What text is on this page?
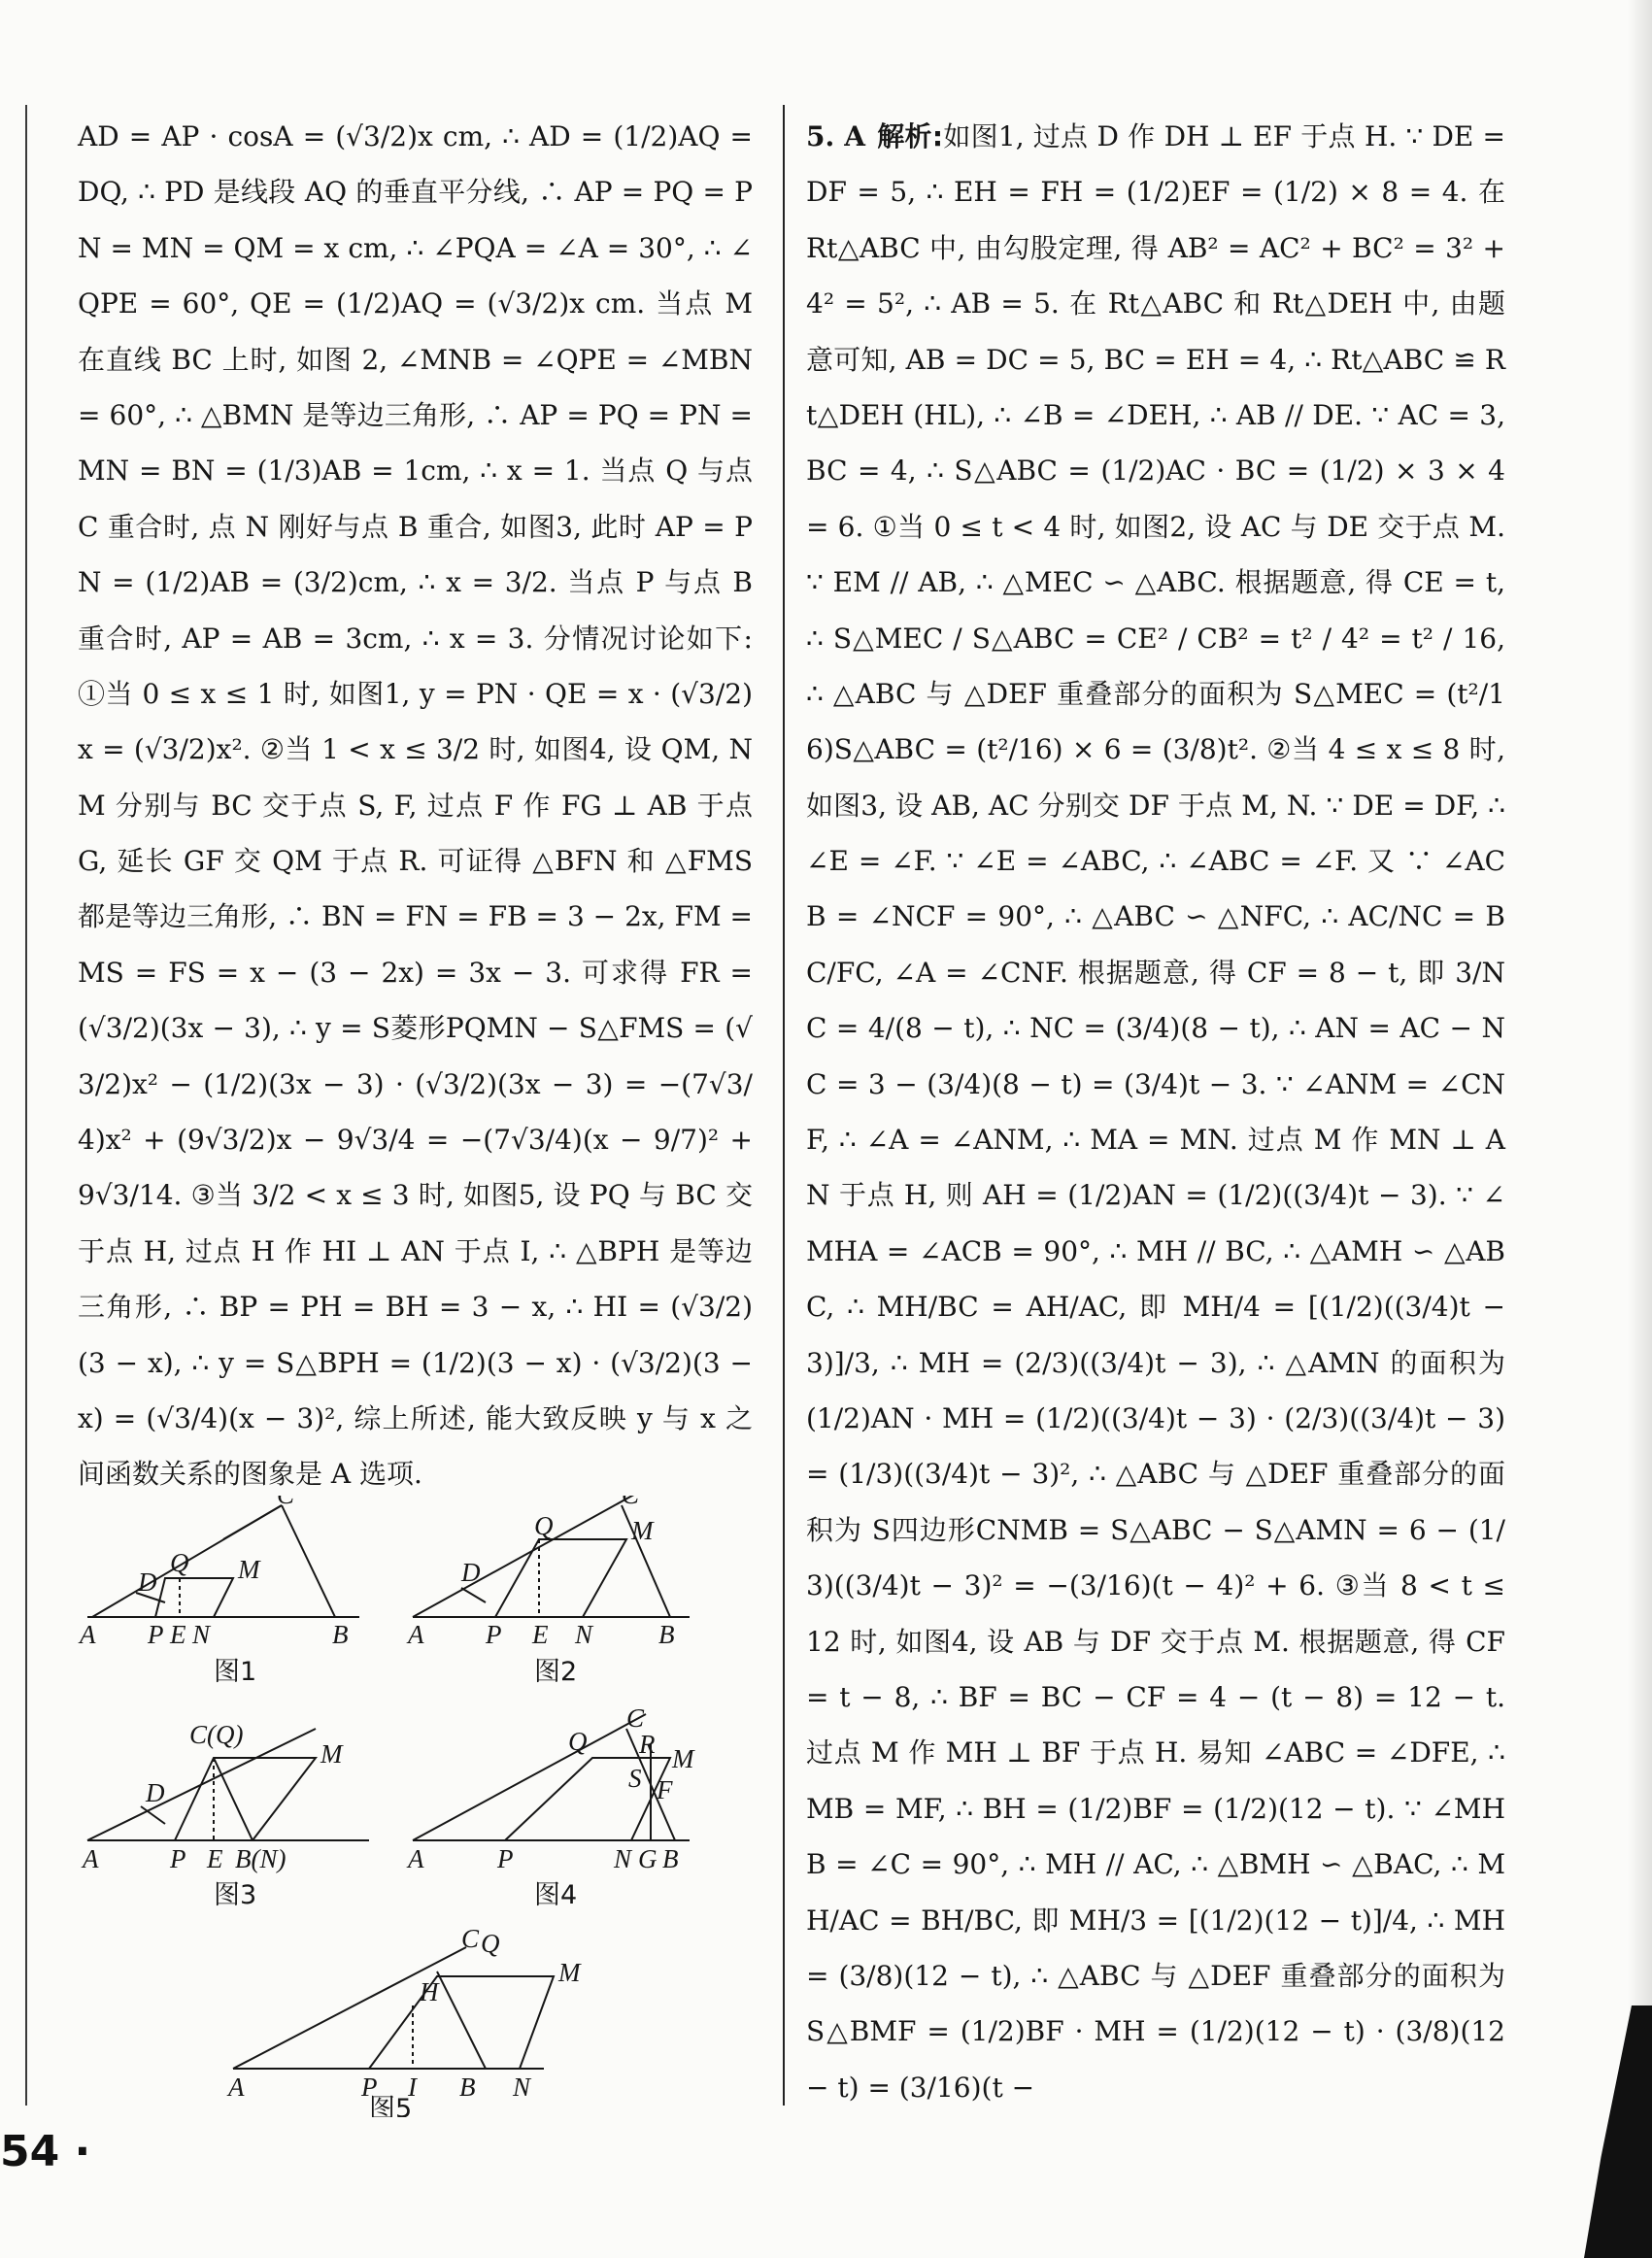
AD = AP · cosA = (√3/2)x cm, ∴ AD = (1/2)AQ = DQ, ∴ PD 是线段 AQ 的垂直平分线, ∴ AP = PQ = PN = MN = QM = x cm, ∴ ∠PQA = ∠A = 30°, ∴ ∠QPE = 60°, QE = (1/2)AQ = (√3/2)x cm. 当点 M 在直线 BC 上时, 如图 2, ∠MNB = ∠QPE = ∠MBN = 60°, ∴ △BMN 是等边三角形, ∴ AP = PQ = PN = MN = BN = (1/3)AB = 1cm, ∴ x = 1. 当点 Q 与点 C 重合时, 点 N 刚好与点 B 重合, 如图3, 此时 AP = PN = (1/2)AB = (3/2)cm, ∴ x = 3/2. 当点 P 与点 B 重合时, AP = AB = 3cm, ∴ x = 3. 分情况讨论如下: ①当 0 ≤ x ≤ 1 时, 如图1, y = PN · QE = x · (√3/2)x = (√3/2)x². ②当 1 < x ≤ 3/2 时, 如图4, 设 QM, NM 分别与 BC 交于点 S, F, 过点 F 作 FG ⊥ AB 于点 G, 延长 GF 交 QM 于点 R. 可证得 △BFN 和 △FMS 都是等边三角形, ∴ BN = FN = FB = 3 − 2x, FM = MS = FS = x − (3 − 2x) = 3x − 3. 可求得 FR = (√3/2)(3x − 3), ∴ y = S菱形PQMN − S△FMS = (√3/2)x² − (1/2)(3x − 3) · (√3/2)(3x − 3) = −(7√3/4)x² + (9√3/2)x − 9√3/4 = −(7√3/4)(x − 9/7)² + 9√3/14. ③当 3/2 < x ≤ 3 时, 如图5, 设 PQ 与 BC 交于点 H, 过点 H 作 HI ⊥ AN 于点 I, ∴ △BPH 是等边三角形, ∴ BP = PH = BH = 3 − x, ∴ HI = (√3/2)(3 − x), ∴ y = S△BPH = (1/2)(3 − x) · (√3/2)(3 − x) = (√3/4)(x − 3)², 综上所述, 能大致反映 y 与 x 之间函数关系的图象是 A 选项.

5. A 解析:如图1, 过点 D 作 DH ⊥ EF 于点 H. ∵ DE = DF = 5, ∴ EH = FH = (1/2)EF = (1/2) × 8 = 4. 在 Rt△ABC 中, 由勾股定理, 得 AB² = AC² + BC² = 3² + 4² = 5², ∴ AB = 5. 在 Rt△ABC 和 Rt△DEH 中, 由题意可知, AB = DC = 5, BC = EH = 4, ∴ Rt△ABC ≌ Rt△DEH (HL), ∴ ∠B = ∠DEH, ∴ AB // DE. ∵ AC = 3, BC = 4, ∴ S△ABC = (1/2)AC · BC = (1/2) × 3 × 4 = 6. ①当 0 ≤ t < 4 时, 如图2, 设 AC 与 DE 交于点 M. ∵ EM // AB, ∴ △MEC ∽ △ABC. 根据题意, 得 CE = t, ∴ S△MEC / S△ABC = CE² / CB² = t² / 4² = t² / 16, ∴ △ABC 与 △DEF 重叠部分的面积为 S△MEC = (t²/16)S△ABC = (t²/16) × 6 = (3/8)t². ②当 4 ≤ x ≤ 8 时, 如图3, 设 AB, AC 分别交 DF 于点 M, N. ∵ DE = DF, ∴ ∠E = ∠F. ∵ ∠E = ∠ABC, ∴ ∠ABC = ∠F. 又 ∵ ∠ACB = ∠NCF = 90°, ∴ △ABC ∽ △NFC, ∴ AC/NC = BC/FC, ∠A = ∠CNF. 根据题意, 得 CF = 8 − t, 即 3/NC = 4/(8 − t), ∴ NC = (3/4)(8 − t), ∴ AN = AC − NC = 3 − (3/4)(8 − t) = (3/4)t − 3. ∵ ∠ANM = ∠CNF, ∴ ∠A = ∠ANM, ∴ MA = MN. 过点 M 作 MN ⊥ AN 于点 H, 则 AH = (1/2)AN = (1/2)((3/4)t − 3). ∵ ∠MHA = ∠ACB = 90°, ∴ MH // BC, ∴ △AMH ∽ △ABC, ∴ MH/BC = AH/AC, 即 MH/4 = [(1/2)((3/4)t − 3)]/3, ∴ MH = (2/3)((3/4)t − 3), ∴ △AMN 的面积为 (1/2)AN · MH = (1/2)((3/4)t − 3) · (2/3)((3/4)t − 3) = (1/3)((3/4)t − 3)², ∴ △ABC 与 △DEF 重叠部分的面积为 S四边形CNMB = S△ABC − S△AMN = 6 − (1/3)((3/4)t − 3)² = −(3/16)(t − 4)² + 6. ③当 8 < t ≤ 12 时, 如图4, 设 AB 与 DF 交于点 M. 根据题意, 得 CF = t − 8, ∴ BF = BC − CF = 4 − (t − 8) = 12 − t. 过点 M 作 MH ⊥ BF 于点 H. 易知 ∠ABC = ∠DFE, ∴ MB = MF, ∴ BH = (1/2)BF = (1/2)(12 − t). ∵ ∠MHB = ∠C = 90°, ∴ MH // AC, ∴ △BMH ∽ △BAC, ∴ MH/AC = BH/BC, 即 MH/3 = [(1/2)(12 − t)]/4, ∴ MH = (3/8)(12 − t), ∴ △ABC 与 △DEF 重叠部分的面积为 S△BMF = (1/2)BF · MH = (1/2)(12 − t) · (3/8)(12 − t) = (3/16)(t −

Q M
D
A P E N	B
图1
Q	M
D
A P E N	B
图2
C(Q)
M
D
A	P E B(N)
图3
C
Q R M
S F
A	P	N G B
图4
C Q
M
H
A	P I B N
图5
54 ·
